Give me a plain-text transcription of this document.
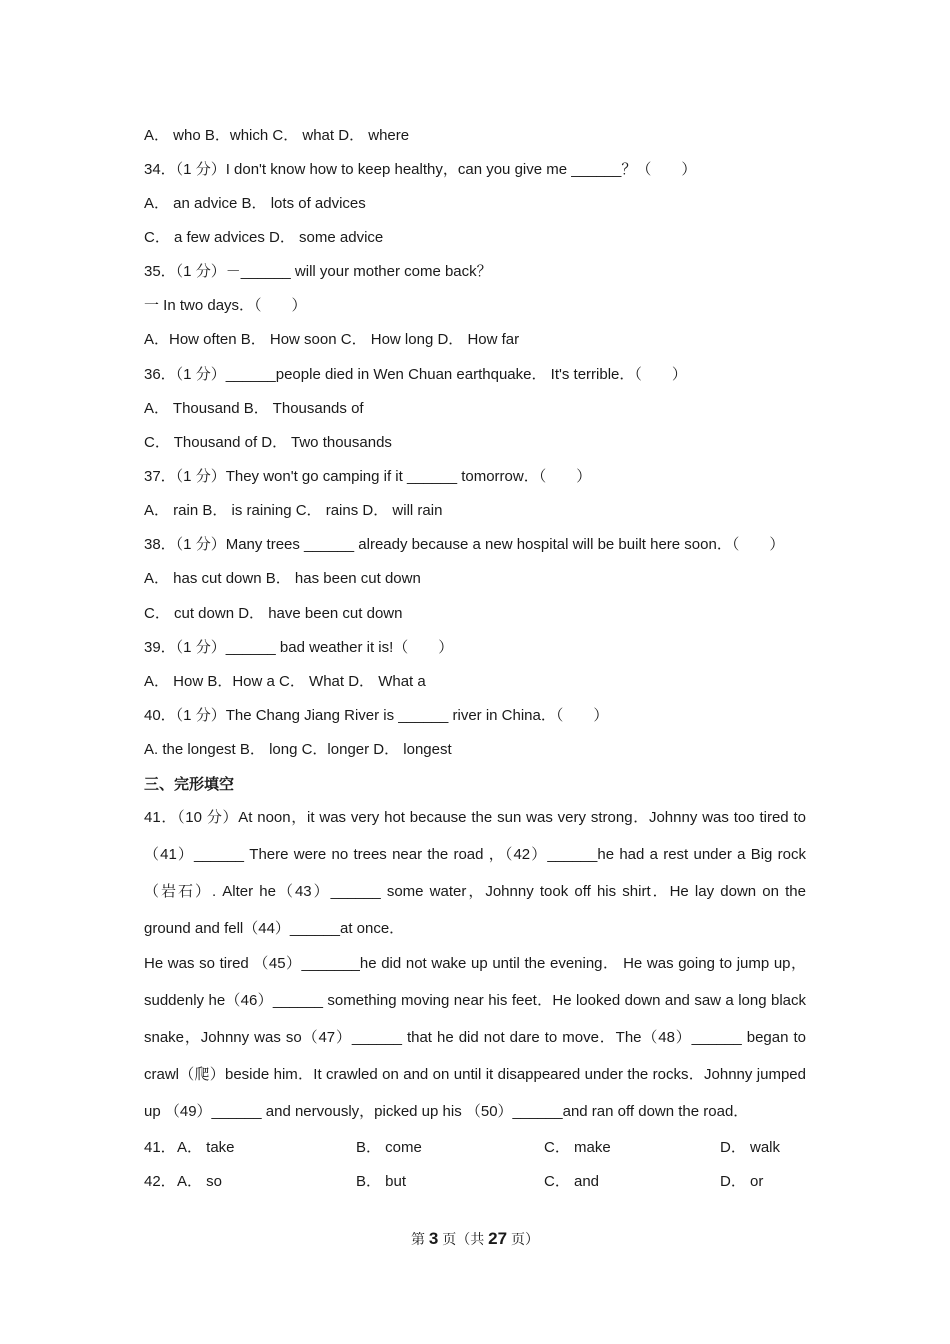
A． who B．which C． what D． where
34．（1 分）I don't know how to keep healthy，can you give me ______？（　　）
A． an advice B． lots of advices
C． a few advices D． some advice
35．（1 分）－______ will your mother come back？
一 In two days．（　　）
A．How often B． How soon C． How long D． How far
36．（1 分）______people died in Wen Chuan earthquake． It's terrible．（　　）
A． Thousand B． Thousands of
C． Thousand of D． Two thousands
37．（1 分）They won't go camping if it ______ tomorrow．（　　）
A． rain B． is raining C． rains D． will rain
38．（1 分）Many trees ______ already because a new hospital will be built here soon．（　　）
A． has cut down B． has been cut down
C． cut down D． have been cut down
39．（1 分）______ bad weather it is!（　　）
A． How B．How a C． What D． What a
40．（1 分）The Chang Jiang River is ______ river in China．（　　）
A. the longest B． long C．longer D． longest
三、完形填空
41．（10 分）At noon，it was very hot because the sun was very strong．Johnny was too tired to（41）______ There were no trees near the road ，（42）______he had a rest under a Big rock（岩石）. Alter he（43）______ some water，Johnny took off his shirt．He lay down on the ground and fell（44）______at once．
He was so tired （45）_______he did not wake up until the evening． He was going to jump up，suddenly he（46）______ something moving near his feet．He looked down and saw a long black snake，Johnny was so（47）______ that he did not dare to move．The（48）______ began to crawl（爬）beside him．It crawled on and on until it disappeared under the rocks．Johnny jumped up （49）______ and nervously，picked up his （50）______and ran off down the road．
41． A． take	B． come	C． make	D． walk
42． A． so	B． but	C． and	D． or
第 3 页（共 27 页）
